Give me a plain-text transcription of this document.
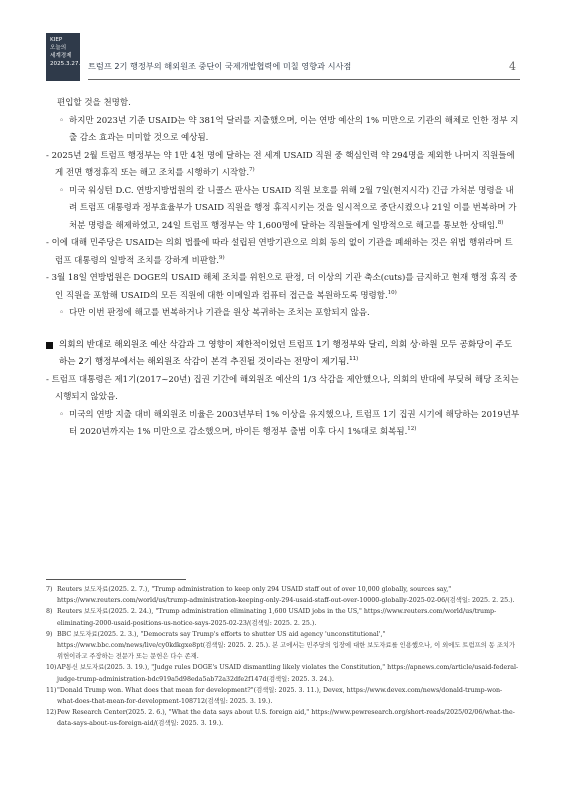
KIEP
오늘의
세계경제
2025.3.27. 트럼프 2기 행정부의 해외원조 중단이 국제개발협력에 미칠 영향과 시사점	4
편입할 것을 천명함.
◦ 하지만 2023년 기준 USAID는 약 381억 달러를 지출했으며, 이는 연방 예산의 1% 미만으로 기관의 해체로 인한 정부 지출 감소 효과는 미미할 것으로 예상됨.
- 2025년 2월 트럼프 행정부는 약 1만 4천 명에 달하는 전 세계 USAID 직원 중 핵심인력 약 294명을 제외한 나머지 직원들에게 전면 행정휴직 또는 해고 조치를 시행하기 시작함.$^{7)}$
◦ 미국 워싱턴 D.C. 연방지방법원의 칼 니콜스 판사는 USAID 직원 보호를 위해 2월 7일(현지시각) 긴급 가처분 명령을 내려 트럼프 대통령과 정부효율부가 USAID 직원을 행정 휴직시키는 것을 일시적으로 중단시켰으나 21일 이를 번복하며 가처분 명령을 해제하였고, 24일 트럼프 행정부는 약 1,600명에 달하는 직원들에게 일방적으로 해고를 통보한 상태임.$^{8)}$
- 이에 대해 민주당은 USAID는 의회 법률에 따라 설립된 연방기관으로 의회 동의 없이 기관을 폐쇄하는 것은 위법 행위라며 트럼프 대통령의 일방적 조치를 강하게 비판함.$^{9)}$
- 3월 18일 연방법원은 DOGE의 USAID 해체 조치를 위헌으로 판정, 더 이상의 기관 축소(cuts)를 금지하고 현재 행정 휴직 중인 직원을 포함해 USAID의 모든 직원에 대한 이메일과 컴퓨터 접근을 복원하도록 명령함.$^{10)}$
◦ 다만 이번 판정에 해고를 번복하거나 기관을 원상 복귀하는 조치는 포함되지 않음.
의회의 반대로 해외원조 예산 삭감과 그 영향이 제한적이었던 트럼프 1기 행정부와 달리, 의회 상·하원 모두 공화당이 주도하는 2기 행정부에서는 해외원조 삭감이 본격 추진될 것이라는 전망이 제기됨.$^{11)}$
- 트럼프 대통령은 제1기(2017~20년) 집권 기간에 해외원조 예산의 1/3 삭감을 제안했으나, 의회의 반대에 부딪혀 해당 조치는 시행되지 않았음.
◦ 미국의 연방 지출 대비 해외원조 비율은 2003년부터 1% 이상을 유지했으나, 트럼프 1기 집권 시기에 해당하는 2019년부터 2020년까지는 1% 미만으로 감소했으며, 바이든 행정부 출범 이후 다시 1%대로 회복됨.$^{12)}$
7) Reuters 보도자료(2025. 2. 7.), "Trump administration to keep only 294 USAID staff out of over 10,000 globally, sources say," https://www.reuters.com/world/us/trump-administration-keeping-only-294-usaid-staff-out-over-10000-globally-2025-02-06/(검색일: 2025. 2. 25.).
8) Reuters 보도자료(2025. 2. 24.), "Trump administration eliminating 1,600 USAID jobs in the US," https://www.reuters.com/world/us/trump-eliminating-2000-usaid-positions-us-notice-says-2025-02-23/(검색일: 2025. 2. 25.).
9) BBC 보도자료(2025. 2. 3.), "Democrats say Trump's efforts to shutter US aid agency 'unconstitutional'," https://www.bbc.com/news/live/cy0kdkgxe8pt(검색일: 2025. 2. 25.). 본 고에서는 민주당의 입장에 대한 보도자료를 인용했으나, 이 외에도 트럼프의 동 조치가 위헌이라고 주장하는 전문가 또는 문헌은 다수 존재.
10) AP통신 보도자료(2025. 3. 19.), "Judge rules DOGE's USAID dismantling likely violates the Constitution," https://apnews.com/article/usaid-federal-judge-trump-administration-bdc919a5d98eda5ab72a32dfe2f147d(검색일: 2025. 3. 24.).
11) "Donald Trump won. What does that mean for development?"(검색일: 2025. 3. 11.), Devex, https://www.devex.com/news/donald-trump-won-what-does-that-mean-for-development-108712(검색일: 2025. 3. 19.).
12) Pew Research Center(2025. 2. 6.), "What the data says about U.S. foreign aid," https://www.pewresearch.org/short-reads/2025/02/06/what-the-data-says-about-us-foreign-aid/(검색일: 2025. 3. 19.).
